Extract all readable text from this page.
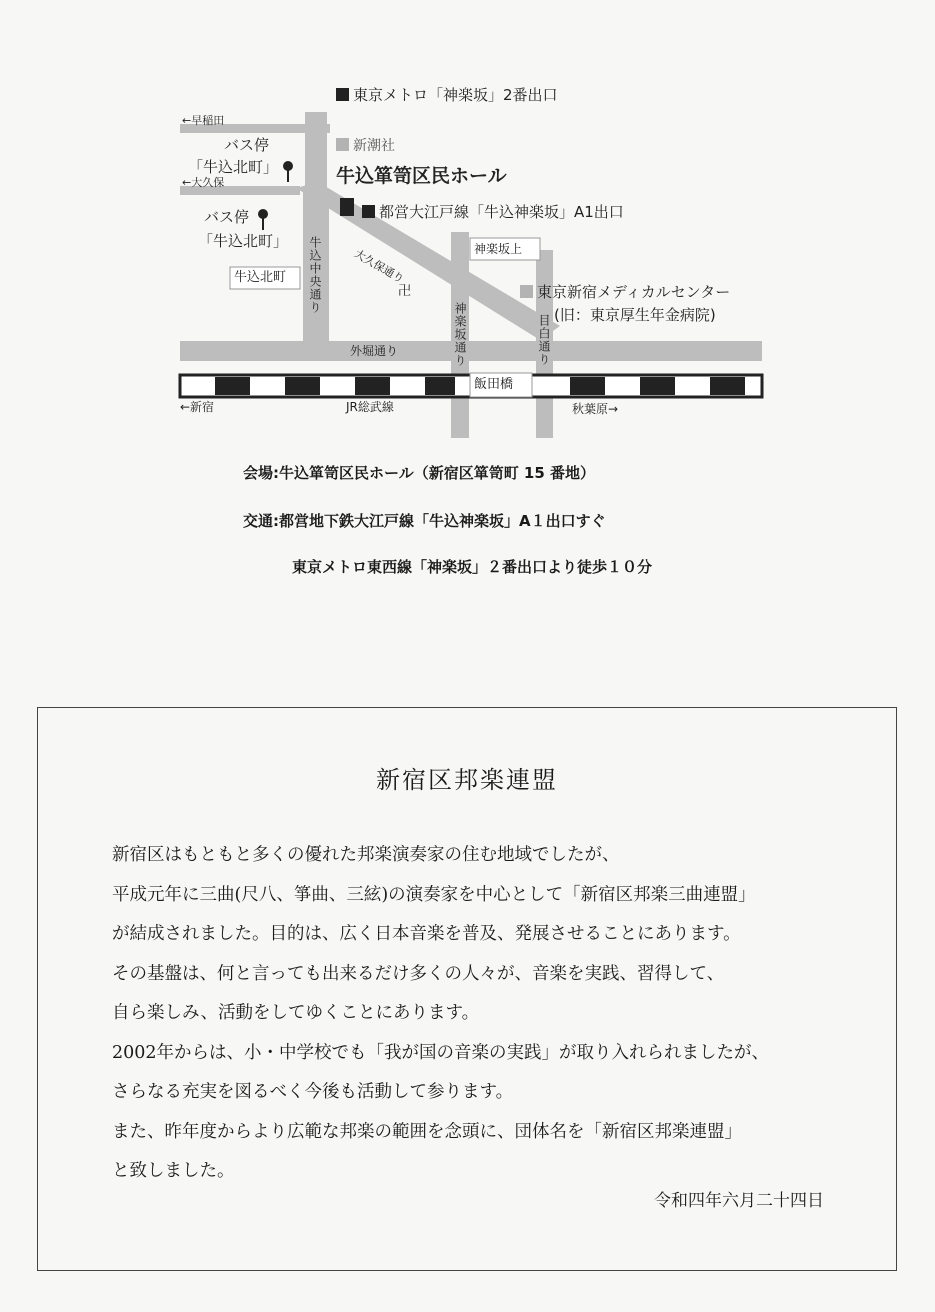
東京メトロ「神楽坂」2番出口
←早稲田
←大久保
バス停
「牛込北町」
バス停
「牛込北町」
牛込北町
新潮社
牛込箪笥区民ホール
都営大江戸線「牛込神楽坂」A1出口
大久保通り
牛込中央通り	神楽坂上
神楽坂通り
卍	東京新宿メディカルセンター
(旧：東京厚生年金病院)
目白通り
外堀通り
飯田橋
←新宿	JR総武線	秋葉原→
会場:牛込箪笥区民ホール（新宿区箪笥町 15 番地）
交通:都営地下鉄大江戸線「牛込神楽坂」A１出口すぐ
東京メトロ東西線「神楽坂」２番出口より徒歩１０分
新宿区邦楽連盟
新宿区はもともと多くの優れた邦楽演奏家の住む地域でしたが、
平成元年に三曲(尺八、箏曲、三絃)の演奏家を中心として「新宿区邦楽三曲連盟」
が結成されました。目的は、広く日本音楽を普及、発展させることにあります。
その基盤は、何と言っても出来るだけ多くの人々が、音楽を実践、習得して、
自ら楽しみ、活動をしてゆくことにあります。
2002年からは、小・中学校でも「我が国の音楽の実践」が取り入れられましたが、
さらなる充実を図るべく今後も活動して参ります。
また、昨年度からより広範な邦楽の範囲を念頭に、団体名を「新宿区邦楽連盟」
と致しました。
令和四年六月二十四日
